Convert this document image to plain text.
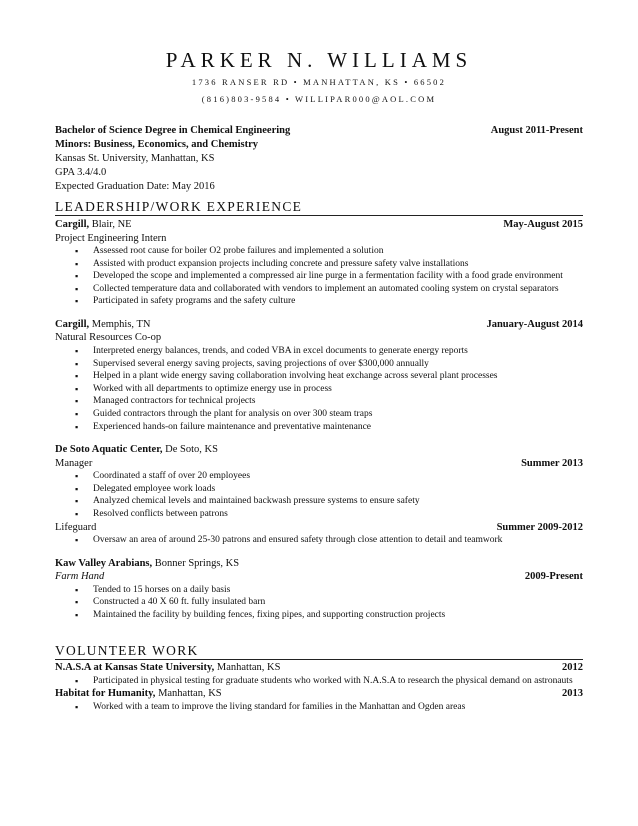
PARKER N. WILLIAMS
1736 RANSER RD • MANHATTAN, KS • 66502
(816)803-9584 • WILLIPAR000@AOL.COM
Bachelor of Science Degree in Chemical Engineering	August 2011-Present
Minors: Business, Economics, and Chemistry
Kansas St. University, Manhattan, KS
GPA 3.4/4.0
Expected Graduation Date: May 2016
LEADERSHIP/WORK EXPERIENCE
Cargill, Blair, NE	May-August 2015
Project Engineering Intern
▪ Assessed root cause for boiler O2 probe failures and implemented a solution
▪ Assisted with product expansion projects including concrete and pressure safety valve installations
▪ Developed the scope and implemented a compressed air line purge in a fermentation facility with a food grade environment
▪ Collected temperature data and collaborated with vendors to implement an automated cooling system on crystal separators
▪ Participated in safety programs and the safety culture
Cargill, Memphis, TN	January-August 2014
Natural Resources Co-op
▪ Interpreted energy balances, trends, and coded VBA in excel documents to generate energy reports
▪ Supervised several energy saving projects, saving projections of over $300,000 annually
▪ Helped in a plant wide energy saving collaboration involving heat exchange across several plant processes
▪ Worked with all departments to optimize energy use in process
▪ Managed contractors for technical projects
▪ Guided contractors through the plant for analysis on over 300 steam traps
▪ Experienced hands-on failure maintenance and preventative maintenance
De Soto Aquatic Center, De Soto, KS
Manager	Summer 2013
▪ Coordinated a staff of over 20 employees
▪ Delegated employee work loads
▪ Analyzed chemical levels and maintained backwash pressure systems to ensure safety
▪ Resolved conflicts between patrons
Lifeguard	Summer 2009-2012
▪ Oversaw an area of around 25-30 patrons and ensured safety through close attention to detail and teamwork
Kaw Valley Arabians, Bonner Springs, KS
Farm Hand	2009-Present
▪ Tended to 15 horses on a daily basis
▪ Constructed a 40 X 60 ft. fully insulated barn
▪ Maintained the facility by building fences, fixing pipes, and supporting construction projects
VOLUNTEER WORK
N.A.S.A at Kansas State University, Manhattan, KS	2012
▪ Participated in physical testing for graduate students who worked with N.A.S.A to research the physical demand on astronauts
Habitat for Humanity, Manhattan, KS	2013
▪ Worked with a team to improve the living standard for families in the Manhattan and Ogden areas
